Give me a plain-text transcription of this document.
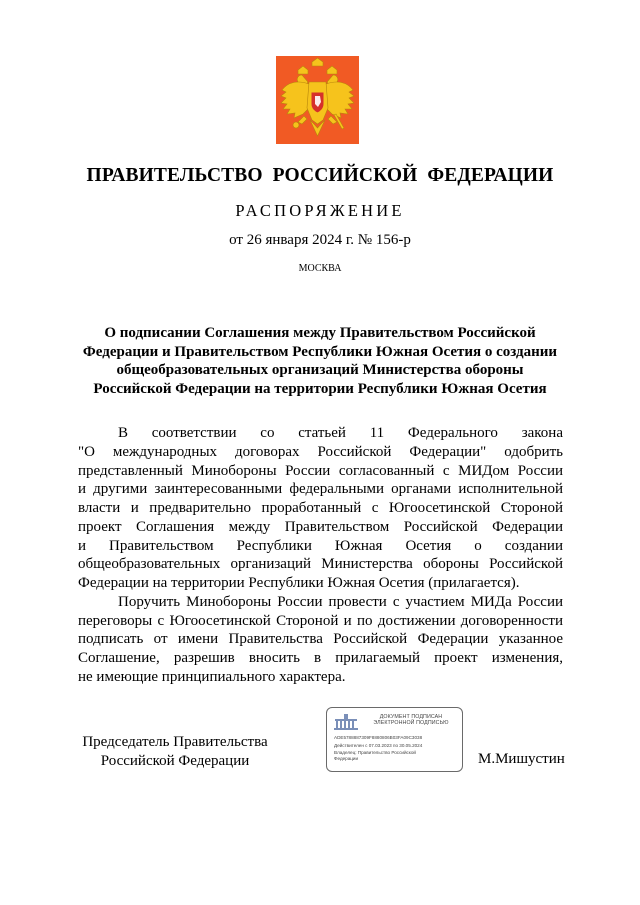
ПРАВИТЕЛЬСТВО РОССИЙСКОЙ ФЕДЕРАЦИИ
РАСПОРЯЖЕНИЕ
от 26 января 2024 г. № 156-р
МОСКВА
О подписании Соглашения между Правительством Российской
Федерации и Правительством Республики Южная Осетия о создании
общеобразовательных организаций Министерства обороны
Российской Федерации на территории Республики Южная Осетия
В соответствии со статьей 11 Федерального закона
"О международных договорах Российской Федерации" одобрить
представленный Минобороны России согласованный с МИДом России
и другими заинтересованными федеральными органами исполнительной
власти и предварительно проработанный с Югоосетинской Стороной
проект Соглашения между Правительством Российской Федерации
и Правительством Республики Южная Осетия о создании
общеобразовательных организаций Министерства обороны Российской
Федерации на территории Республики Южная Осетия (прилагается).
Поручить Минобороны России провести с участием МИДа России
переговоры с Югоосетинской Стороной и по достижении договоренности
подписать от имени Правительства Российской Федерации указанное
Соглашение, разрешив вносить в прилагаемый проект изменения,
не имеющие принципиального характера.
Председатель Правительства
Российской Федерации
ДОКУМЕНТ ПОДПИСАН
ЭЛЕКТРОННОЙ ПОДПИСЬЮ
ADE5788887309F8880806B03FA09C3038
Действителен с 07.03.2023 по 30.05.2024
Владелец: Правительство Российской
Федерации	М.Мишустин
